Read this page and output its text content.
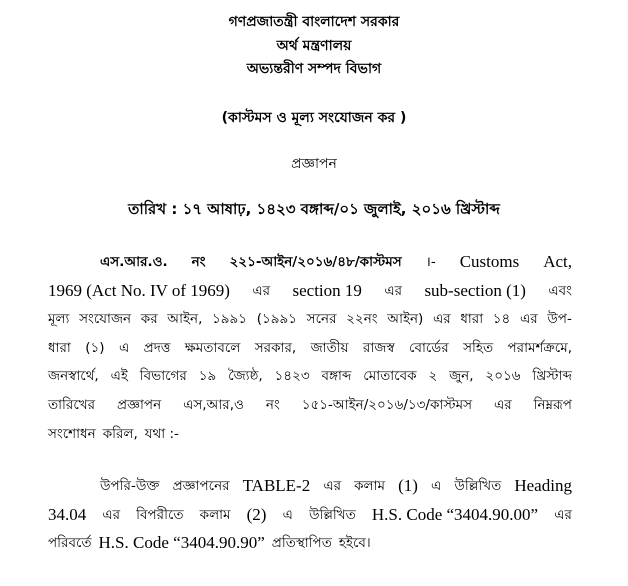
গণপ্রজাতন্ত্রী বাংলাদেশ সরকার
অর্থ মন্ত্রণালয়
অভ্যন্তরীণ সম্পদ বিভাগ
(কাস্টমস ও মূল্য সংযোজন কর )
প্রজ্ঞাপন
তারিখ : ১৭ আষাঢ়, ১৪২৩ বঙ্গাব্দ/০১ জুলাই, ২০১৬ খ্রিস্টাব্দ
এস.আর.ও. নং ২২১-আইন/২০১৬/৪৮/কাস্টমস ।- Customs Act,
1969 (Act No. IV of 1969) এর section 19 এর sub-section (1) এবং
মূল্য সংযোজন কর আইন, ১৯৯১ (১৯৯১ সনের ২২নং আইন) এর ধারা ১৪ এর উপ-
ধারা (১) এ প্রদত্ত ক্ষমতাবলে সরকার, জাতীয় রাজস্ব বোর্ডের সহিত পরামর্শক্রমে,
জনস্বার্থে, এই বিভাগের ১৯ জ্যৈষ্ঠ, ১৪২৩ বঙ্গাব্দ মোতাবেক ২ জুন, ২০১৬ খ্রিস্টাব্দ
তারিখের প্রজ্ঞাপন এস,আর,ও নং ১৫১-আইন/২০১৬/১৩/কাস্টমস এর নিম্নরূপ
সংশোধন করিল, যথা :-
উপরি-উক্ত প্রজ্ঞাপনের TABLE-2 এর কলাম (1) এ উল্লিখিত Heading
34.04 এর বিপরীতে কলাম (2) এ উল্লিখিত H.S. Code “3404.90.00” এর
পরিবর্তে H.S. Code “3404.90.90” প্রতিস্থাপিত হইবে।
